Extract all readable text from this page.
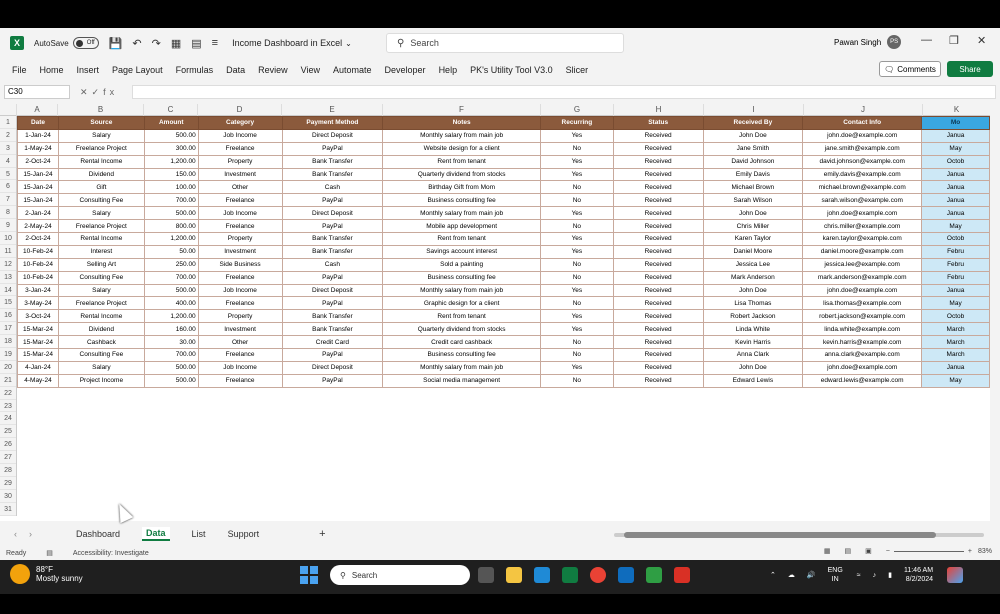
X	AutoSave	Off 💾 ↶ ↷ ▦ ▤ ≡ Income Dashboard in Excel ⌄	⚲ Search	Pawan Singh	PS — ❐ ✕
File Home Insert Page Layout Formulas Data Review View Automate Developer Help PK's Utility Tool V3.0 Slicer	🗨 Comments	Share
C30	✕✓fx
A	B	C	D	E	F	G	H	I	J	K
1
2
3
4
5
6
7
8
9
10
11
12
13
14
15
16
17
18
19
20
21
22
23
24
25
26
27
28
29
30
31
Date	Source	Amount	Category	Payment Method	Notes	Recurring	Status	Received By	Contact Info	Mo
1-Jan-24	Salary	500.00	Job Income	Direct Deposit	Monthly salary from main job	Yes	Received	John Doe	john.doe@example.com	Janua
1-May-24	Freelance Project	300.00	Freelance	PayPal	Website design for a client	No	Received	Jane Smith	jane.smith@example.com	May
2-Oct-24	Rental Income	1,200.00	Property	Bank Transfer	Rent from tenant	Yes	Received	David Johnson	david.johnson@example.com	Octob
15-Jan-24	Dividend	150.00	Investment	Bank Transfer	Quarterly dividend from stocks	Yes	Received	Emily Davis	emily.davis@example.com	Janua
15-Jan-24	Gift	100.00	Other	Cash	Birthday Gift from Mom	No	Received	Michael Brown	michael.brown@example.com	Janua
15-Jan-24	Consulting Fee	700.00	Freelance	PayPal	Business consulting fee	No	Received	Sarah Wilson	sarah.wilson@example.com	Janua
2-Jan-24	Salary	500.00	Job Income	Direct Deposit	Monthly salary from main job	Yes	Received	John Doe	john.doe@example.com	Janua
2-May-24	Freelance Project	800.00	Freelance	PayPal	Mobile app development	No	Received	Chris Miller	chris.miller@example.com	May
2-Oct-24	Rental Income	1,200.00	Property	Bank Transfer	Rent from tenant	Yes	Received	Karen Taylor	karen.taylor@example.com	Octob
10-Feb-24	Interest	50.00	Investment	Bank Transfer	Savings account interest	Yes	Received	Daniel Moore	daniel.moore@example.com	Febru
10-Feb-24	Selling Art	250.00	Side Business	Cash	Sold a painting	No	Received	Jessica Lee	jessica.lee@example.com	Febru
10-Feb-24	Consulting Fee	700.00	Freelance	PayPal	Business consulting fee	No	Received	Mark Anderson	mark.anderson@example.com	Febru
3-Jan-24	Salary	500.00	Job Income	Direct Deposit	Monthly salary from main job	Yes	Received	John Doe	john.doe@example.com	Janua
3-May-24	Freelance Project	400.00	Freelance	PayPal	Graphic design for a client	No	Received	Lisa Thomas	lisa.thomas@example.com	May
3-Oct-24	Rental Income	1,200.00	Property	Bank Transfer	Rent from tenant	Yes	Received	Robert Jackson	robert.jackson@example.com	Octob
15-Mar-24	Dividend	160.00	Investment	Bank Transfer	Quarterly dividend from stocks	Yes	Received	Linda White	linda.white@example.com	March
15-Mar-24	Cashback	30.00	Other	Credit Card	Credit card cashback	No	Received	Kevin Harris	kevin.harris@example.com	March
15-Mar-24	Consulting Fee	700.00	Freelance	PayPal	Business consulting fee	No	Received	Anna Clark	anna.clark@example.com	March
4-Jan-24	Salary	500.00	Job Income	Direct Deposit	Monthly salary from main job	Yes	Received	John Doe	john.doe@example.com	Janua
4-May-24	Project Income	500.00	Freelance	PayPal	Social media management	No	Received	Edward Lewis	edward.lewis@example.com	May
‹›	Dashboard	Data	List Support	+
Ready	▤	Accessibility: Investigate	▦ ▤ ▣ −	+ 83%
88°F
Mostly sunny	⚲ Search	⌃ ☁ 🔊
ENG
IN
≈ ♪ ▮
11:46 AM
8/2/2024
